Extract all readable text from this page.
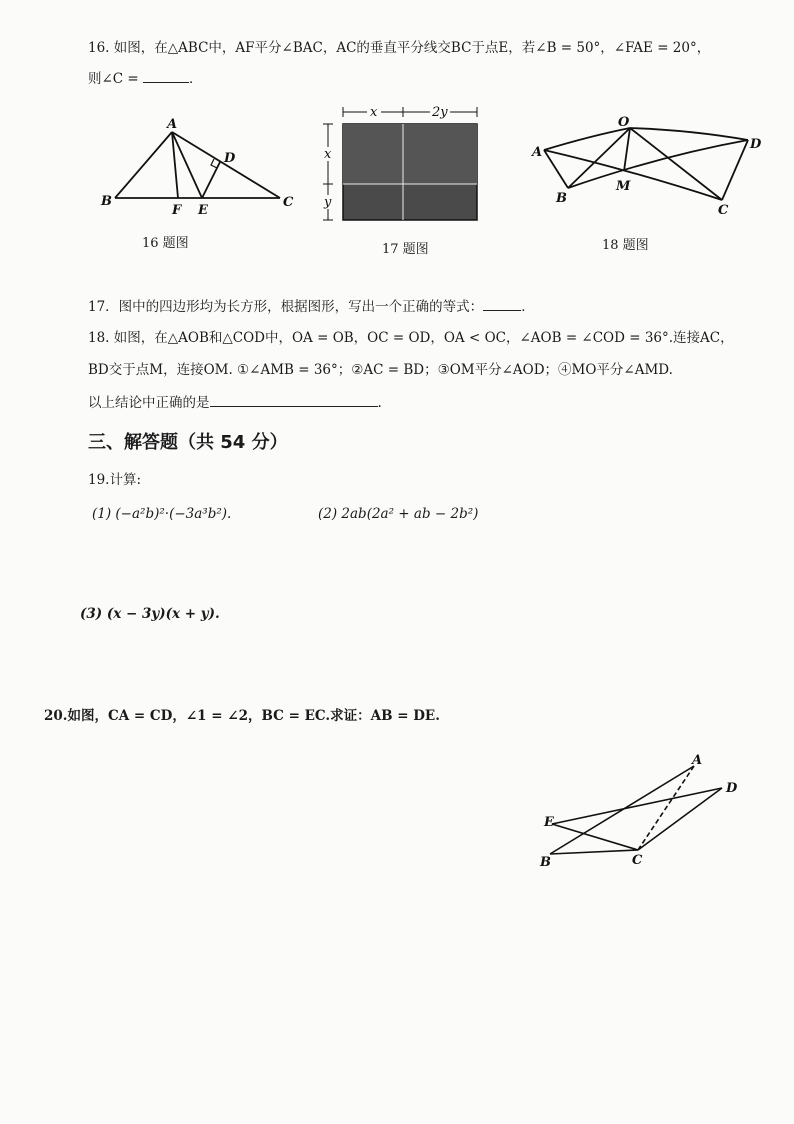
16. 如图，在△ABC中，AF平分∠BAC，AC的垂直平分线交BC于点E，若∠B = 50°，∠FAE = 20°，
则∠C =	．
A
B	C
D
E
F
16 题图
x	2y
x
y
17 题图
A
B
C
D
O
M
18 题图
17．图中的四边形均为长方形，根据图形，写出一个正确的等式：	．
18. 如图，在△AOB和△COD中，OA = OB，OC = OD，OA < OC，∠AOB = ∠COD = 36°.连接AC，
BD交于点M，连接OM. ①∠AMB = 36°；②AC = BD；③OM平分∠AOD；④MO平分∠AMD.
以上结论中正确的是	.
三、解答题（共 54 分）
19.计算:
(1) (−a²b)²·(−3a³b²).	(2) 2ab(2a² + ab − 2b²)
(3) (x − 3y)(x + y).
20.如图，CA = CD，∠1 = ∠2，BC = EC.求证：AB = DE.
A
B	C
D
E
